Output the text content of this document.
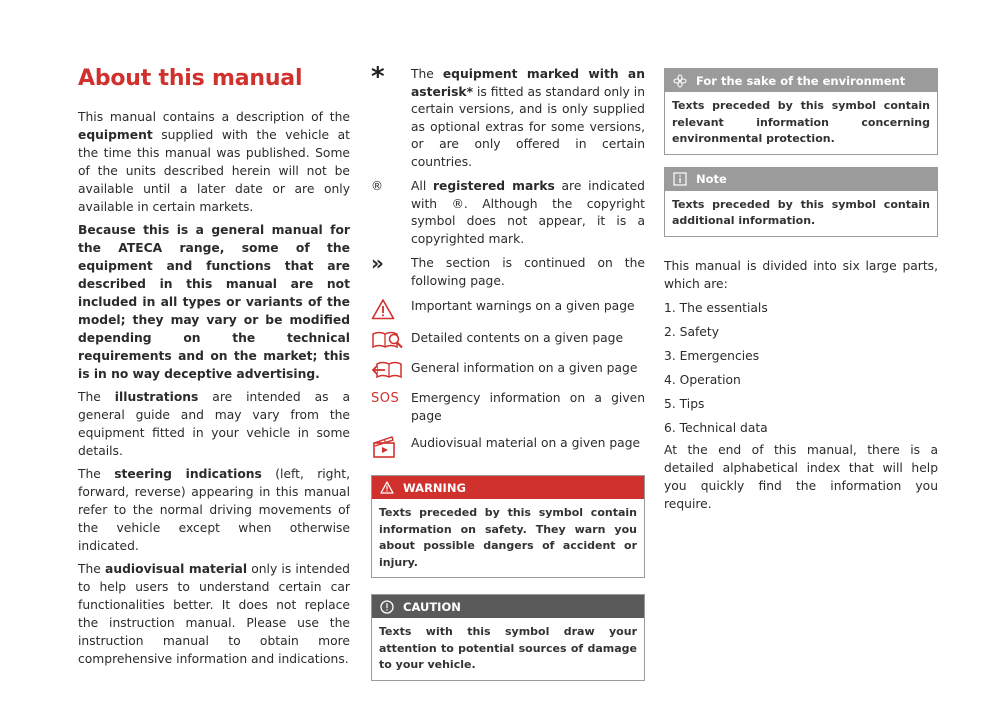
About this manual

This manual contains a description of the equipment supplied with the vehicle at the time this manual was published. Some of the units described herein will not be available until a later date or are only available in certain markets.

Because this is a general manual for the ATECA range, some of the equipment and functions that are described in this manual are not included in all types or variants of the model; they may vary or be modified depending on the technical requirements and on the market; this is in no way deceptive advertising.

The illustrations are intended as a general guide and may vary from the equipment fitted in your vehicle in some details.

The steering indications (left, right, forward, reverse) appearing in this manual refer to the normal driving movements of the vehicle except when otherwise indicated.

The audiovisual material only is intended to help users to understand certain car functionalities better. It does not replace the instruction manual. Please use the instruction manual to obtain more comprehensive information and indications.

* The equipment marked with an asterisk* is fitted as standard only in certain versions, and is only supplied as optional extras for some versions, or are only offered in certain countries.
® All registered marks are indicated with ®. Although the copyright symbol does not appear, it is a copyrighted mark.
» The section is continued on the following page.
Important warnings on a given page
Detailed contents on a given page
General information on a given page
SOS Emergency information on a given page
Audiovisual material on a given page
WARNING
Texts preceded by this symbol contain information on safety. They warn you about possible dangers of accident or injury.
CAUTION
Texts with this symbol draw your attention to potential sources of damage to your vehicle.
For the sake of the environment
Texts preceded by this symbol contain relevant information concerning environmental protection.
Note
Texts preceded by this symbol contain additional information.

This manual is divided into six large parts, which are:

1. The essentials
2. Safety
3. Emergencies
4. Operation
5. Tips
6. Technical data

At the end of this manual, there is a detailed alphabetical index that will help you quickly find the information you require.
